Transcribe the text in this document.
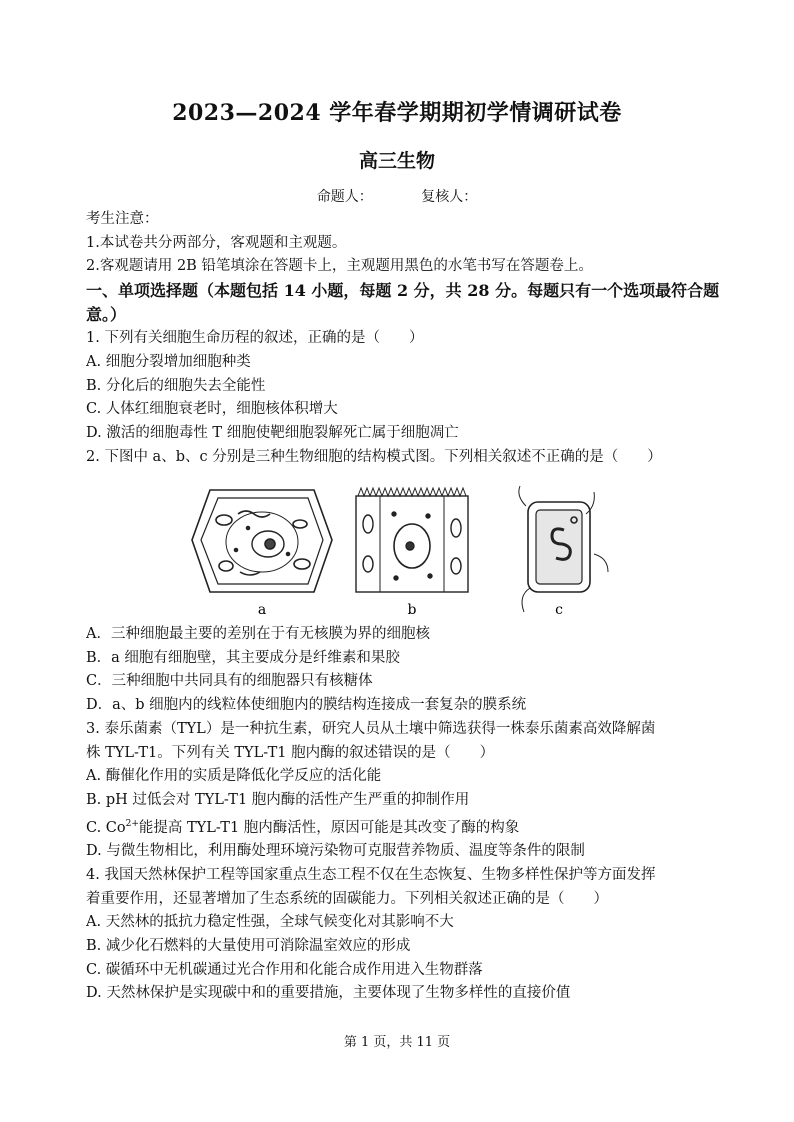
2023—2024 学年春学期期初学情调研试卷
高三生物
命题人：	复核人：
考生注意：
1.本试卷共分两部分，客观题和主观题。
2.客观题请用 2B 铅笔填涂在答题卡上，主观题用黑色的水笔书写在答题卷上。
一、单项选择题（本题包括 14 小题，每题 2 分，共 28 分。每题只有一个选项最符合题意。）
1. 下列有关细胞生命历程的叙述，正确的是（　　）
A. 细胞分裂增加细胞种类
B. 分化后的细胞失去全能性
C. 人体红细胞衰老时，细胞核体积增大
D. 激活的细胞毒性 T 细胞使靶细胞裂解死亡属于细胞凋亡
2. 下图中 a、b、c 分别是三种生物细胞的结构模式图。下列相关叙述不正确的是（　　）
a	b	c
A．三种细胞最主要的差别在于有无核膜为界的细胞核
B．a 细胞有细胞壁，其主要成分是纤维素和果胶
C．三种细胞中共同具有的细胞器只有核糖体
D．a、b 细胞内的线粒体使细胞内的膜结构连接成一套复杂的膜系统
3. 泰乐菌素（TYL）是一种抗生素，研究人员从土壤中筛选获得一株泰乐菌素高效降解菌
株 TYL-T1。下列有关 TYL-T1 胞内酶的叙述错误的是（　　）
A. 酶催化作用的实质是降低化学反应的活化能
B. pH 过低会对 TYL-T1 胞内酶的活性产生严重的抑制作用
C. $Co^{2+}$能提高 TYL-T1 胞内酶活性，原因可能是其改变了酶的构象
D. 与微生物相比，利用酶处理环境污染物可克服营养物质、温度等条件的限制
4. 我国天然林保护工程等国家重点生态工程不仅在生态恢复、生物多样性保护等方面发挥
着重要作用，还显著增加了生态系统的固碳能力。下列相关叙述正确的是（　　）
A. 天然林的抵抗力稳定性强，全球气候变化对其影响不大
B. 减少化石燃料的大量使用可消除温室效应的形成
C. 碳循环中无机碳通过光合作用和化能合成作用进入生物群落
D. 天然林保护是实现碳中和的重要措施，主要体现了生物多样性的直接价值
第 1 页，共 11 页
